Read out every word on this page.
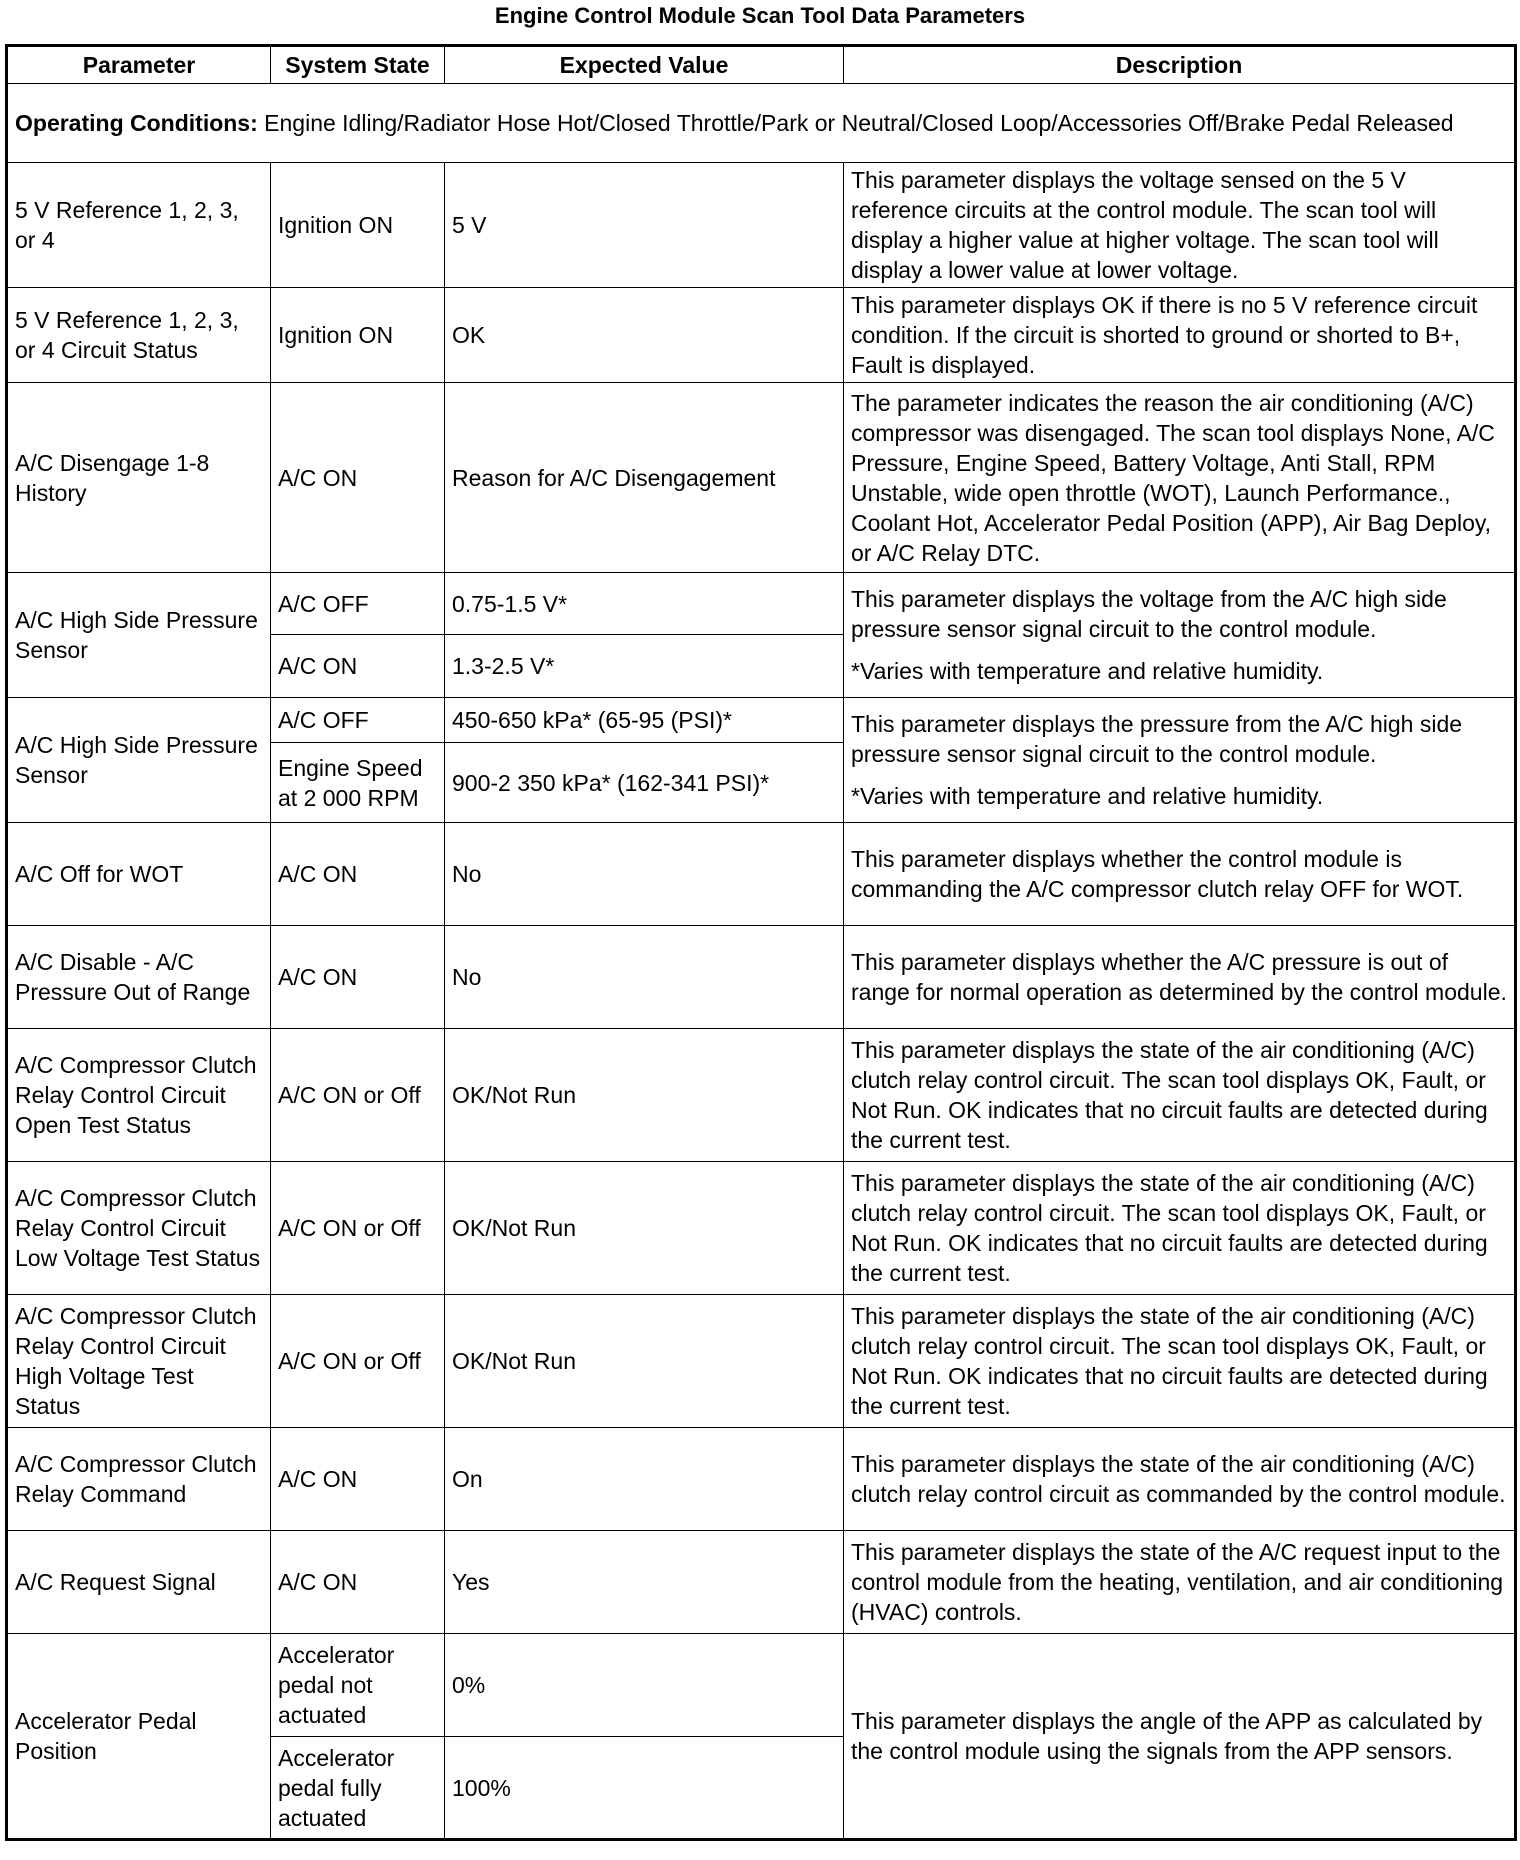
Engine Control Module Scan Tool Data Parameters
Parameter	System State	Expected Value	Description
Operating Conditions: Engine Idling/Radiator Hose Hot/Closed Throttle/Park or Neutral/Closed Loop/Accessories Off/Brake Pedal Released			
5 V Reference 1, 2, 3, or 4	Ignition ON	5 V	This parameter displays the voltage sensed on the 5 V reference circuits at the control module. The scan tool will display a higher value at higher voltage. The scan tool will display a lower value at lower voltage.
5 V Reference 1, 2, 3, or 4 Circuit Status	Ignition ON	OK	This parameter displays OK if there is no 5 V reference circuit condition. If the circuit is shorted to ground or shorted to B+, Fault is displayed.
A/C Disengage 1-8 History	A/C ON	Reason for A/C Disengagement	The parameter indicates the reason the air conditioning (A/C) compressor was disengaged. The scan tool displays None, A/C Pressure, Engine Speed, Battery Voltage, Anti Stall, RPM Unstable, wide open throttle (WOT), Launch Performance., Coolant Hot, Accelerator Pedal Position (APP), Air Bag Deploy, or A/C Relay DTC.
A/C High Side Pressure Sensor	A/C OFF	0.75-1.5 V*	This parameter displays the voltage from the A/C high side pressure sensor signal circuit to the control module.
*Varies with temperature and relative humidity.

	A/C ON	1.3-2.5 V*	
A/C High Side Pressure Sensor	A/C OFF	450-650 kPa* (65-95 (PSI)*	This parameter displays the pressure from the A/C high side pressure sensor signal circuit to the control module.
*Varies with temperature and relative humidity.

	Engine Speed at 2 000 RPM	900-2 350 kPa* (162-341 PSI)*	
A/C Off for WOT	A/C ON	No	This parameter displays whether the control module is commanding the A/C compressor clutch relay OFF for WOT.
A/C Disable - A/C Pressure Out of Range	A/C ON	No	This parameter displays whether the A/C pressure is out of range for normal operation as determined by the control module.
A/C Compressor Clutch Relay Control Circuit Open Test Status	A/C ON or Off	OK/Not Run	This parameter displays the state of the air conditioning (A/C) clutch relay control circuit. The scan tool displays OK, Fault, or Not Run. OK indicates that no circuit faults are detected during the current test.
A/C Compressor Clutch Relay Control Circuit Low Voltage Test Status	A/C ON or Off	OK/Not Run	This parameter displays the state of the air conditioning (A/C) clutch relay control circuit. The scan tool displays OK, Fault, or Not Run. OK indicates that no circuit faults are detected during the current test.
A/C Compressor Clutch Relay Control Circuit High Voltage Test Status	A/C ON or Off	OK/Not Run	This parameter displays the state of the air conditioning (A/C) clutch relay control circuit. The scan tool displays OK, Fault, or Not Run. OK indicates that no circuit faults are detected during the current test.
A/C Compressor Clutch Relay Command	A/C ON	On	This parameter displays the state of the air conditioning (A/C) clutch relay control circuit as commanded by the control module.
A/C Request Signal	A/C ON	Yes	This parameter displays the state of the A/C request input to the control module from the heating, ventilation, and air conditioning (HVAC) controls.
Accelerator Pedal Position	Accelerator pedal not actuated	0%	This parameter displays the angle of the APP as calculated by the control module using the signals from the APP sensors.
	Accelerator pedal fully actuated	100%	
